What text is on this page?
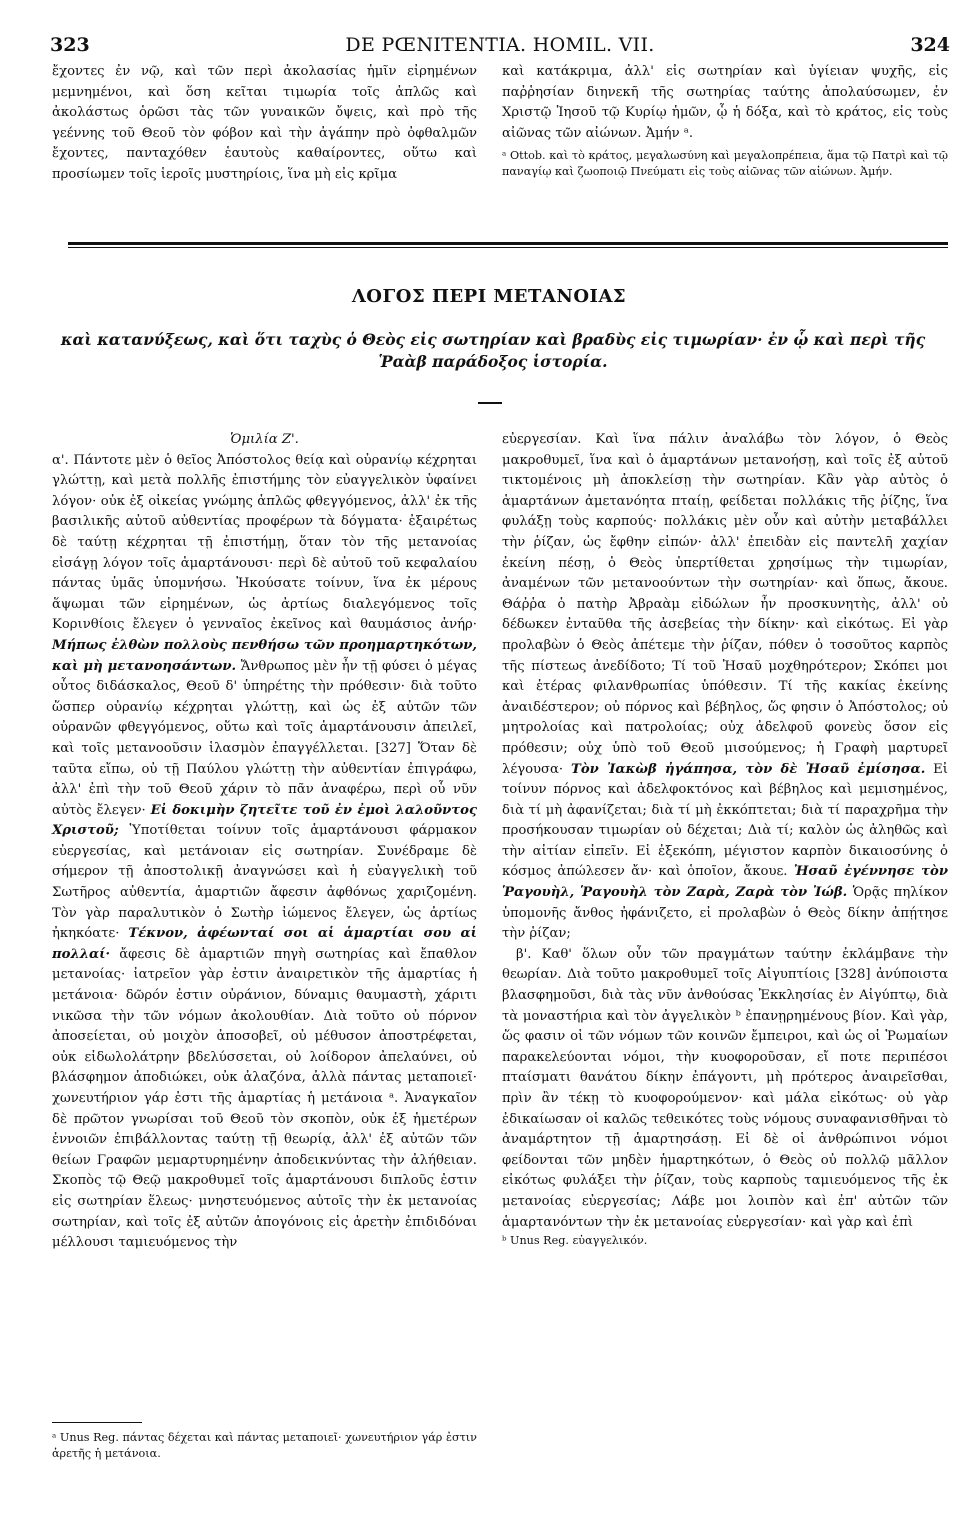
323	DE PŒNITENTIA. HOMIL. VII.	324

ἔχοντες ἐν νῷ, καὶ τῶν περὶ ἀκολασίας ἡμῖν εἰρημένων μεμνημένοι, καὶ ὅση κεῖται τιμωρία τοῖς ἁπλῶς καὶ ἀκολάστως ὁρῶσι τὰς τῶν γυναικῶν ὄψεις, καὶ πρὸ τῆς γεέννης τοῦ Θεοῦ τὸν φόβον καὶ τὴν ἀγάπην πρὸ ὀφθαλμῶν ἔχοντες, πανταχόθεν ἑαυτοὺς καθαίροντες, οὕτω καὶ προσίωμεν τοῖς ἱεροῖς μυστηρίοις, ἵνα μὴ εἰς κρῖμα

καὶ κατάκριμα, ἀλλ' εἰς σωτηρίαν καὶ ὑγίειαν ψυχῆς, εἰς παῤῥησίαν διηνεκῆ τῆς σωτηρίας ταύτης ἀπολαύσωμεν, ἐν Χριστῷ Ἰησοῦ τῷ Κυρίῳ ἡμῶν, ᾧ ἡ δόξα, καὶ τὸ κράτος, εἰς τοὺς αἰῶνας τῶν αἰώνων. Ἀμήν ᵃ.

ᵃ Ottob. καὶ τὸ κράτος, μεγαλωσύνη καὶ μεγαλοπρέπεια, ἅμα τῷ Πατρὶ καὶ τῷ παναγίῳ καὶ ζωοποιῷ Πνεύματι εἰς τοὺς αἰῶνας τῶν αἰώνων. Ἀμήν.

ΛΟΓΟΣ ΠΕΡΙ ΜΕΤΑΝΟΙΑΣ
καὶ κατανύξεως, καὶ ὅτι ταχὺς ὁ Θεὸς εἰς σωτηρίαν καὶ βραδὺς εἰς τιμωρίαν· ἐν ᾧ καὶ περὶ τῆς Ῥαὰβ παράδοξος ἱστορία.

Ὁμιλία Ζ'.

α'. Πάντοτε μὲν ὁ θεῖος Ἀπόστολος θείᾳ καὶ οὐρανίῳ κέχρηται γλώττῃ, καὶ μετὰ πολλῆς ἐπιστήμης τὸν εὐαγγελικὸν ὑφαίνει λόγον· οὐκ ἐξ οἰκείας γνώμης ἁπλῶς φθεγγόμενος, ἀλλ' ἐκ τῆς βασιλικῆς αὐτοῦ αὐθεντίας προφέρων τὰ δόγματα· ἐξαιρέτως δὲ ταύτῃ κέχρηται τῇ ἐπιστήμῃ, ὅταν τὸν τῆς μετανοίας εἰσάγῃ λόγον τοῖς ἁμαρτάνουσι· περὶ δὲ αὐτοῦ τοῦ κεφαλαίου πάντας ὑμᾶς ὑπομνήσω. Ἠκούσατε τοίνυν, ἵνα ἐκ μέρους ἅψωμαι τῶν εἰρημένων, ὡς ἀρτίως διαλεγόμενος τοῖς Κορινθίοις ἔλεγεν ὁ γενναῖος ἐκεῖνος καὶ θαυμάσιος ἀνήρ· Μήπως ἐλθὼν πολλοὺς πενθήσω τῶν προημαρτηκότων, καὶ μὴ μετανοησάντων. Ἄνθρωπος μὲν ἦν τῇ φύσει ὁ μέγας οὗτος διδάσκαλος, Θεοῦ δ' ὑπηρέτης τὴν πρόθεσιν· διὰ τοῦτο ὥσπερ οὐρανίῳ κέχρηται γλώττῃ, καὶ ὡς ἐξ αὐτῶν τῶν οὐρανῶν φθεγγόμενος, οὕτω καὶ τοῖς ἁμαρτάνουσιν ἀπειλεῖ, καὶ τοῖς μετανοοῦσιν ἱλασμὸν ἐπαγγέλλεται. [327] Ὅταν δὲ ταῦτα εἴπω, οὐ τῇ Παύλου γλώττῃ τὴν αὐθεντίαν ἐπιγράφω, ἀλλ' ἐπὶ τὴν τοῦ Θεοῦ χάριν τὸ πᾶν ἀναφέρω, περὶ οὗ νῦν αὐτὸς ἔλεγεν· Εἰ δοκιμὴν ζητεῖτε τοῦ ἐν ἐμοὶ λαλοῦντος Χριστοῦ; Ὑποτίθεται τοίνυν τοῖς ἁμαρτάνουσι φάρμακον εὐεργεσίας, καὶ μετάνοιαν εἰς σωτηρίαν. Συνέδραμε δὲ σήμερον τῇ ἀποστολικῇ ἀναγνώσει καὶ ἡ εὐαγγελικὴ τοῦ Σωτῆρος αὐθεντία, ἁμαρτιῶν ἄφεσιν ἀφθόνως χαριζομένη. Τὸν γὰρ παραλυτικὸν ὁ Σωτὴρ ἰώμενος ἔλεγεν, ὡς ἀρτίως ἠκηκόατε· Τέκνον, ἀφέωνταί σοι αἱ ἁμαρτίαι σου αἱ πολλαί· ἄφεσις δὲ ἁμαρτιῶν πηγὴ σωτηρίας καὶ ἔπαθλον μετανοίας· ἰατρεῖον γὰρ ἐστιν ἀναιρετικὸν τῆς ἁμαρτίας ἡ μετάνοια· δῶρόν ἐστιν οὐράνιον, δύναμις θαυμαστὴ, χάριτι νικῶσα τὴν τῶν νόμων ἀκολουθίαν. Διὰ τοῦτο οὐ πόρνον ἀποσείεται, οὐ μοιχὸν ἀποσοβεῖ, οὐ μέθυσον ἀποστρέφεται, οὐκ εἰδωλολάτρην βδελύσσεται, οὐ λοίδορον ἀπελαύνει, οὐ βλάσφημον ἀποδιώκει, οὐκ ἀλαζόνα, ἀλλὰ πάντας μεταποιεῖ· χωνευτήριον γάρ ἐστι τῆς ἁμαρτίας ἡ μετάνοια ᵃ. Ἀναγκαῖον δὲ πρῶτον γνωρίσαι τοῦ Θεοῦ τὸν σκοπὸν, οὐκ ἐξ ἡμετέρων ἐννοιῶν ἐπιβάλλοντας ταύτῃ τῇ θεωρίᾳ, ἀλλ' ἐξ αὐτῶν τῶν θείων Γραφῶν μεμαρτυρημένην ἀποδεικνύντας τὴν ἀλήθειαν. Σκοπὸς τῷ Θεῷ μακροθυμεῖ τοῖς ἁμαρτάνουσι διπλοῦς ἐστιν εἰς σωτηρίαν ἕλεως· μνηστευόμενος αὐτοῖς τὴν ἐκ μετανοίας σωτηρίαν, καὶ τοῖς ἐξ αὐτῶν ἀπογόνοις εἰς ἀρετὴν ἐπιδιδόναι μέλλουσι ταμιευόμενος τὴν

ᵃ Unus Reg. πάντας δέχεται καὶ πάντας μεταποιεῖ· χωνευτήριον γάρ ἐστιν ἀρετῆς ἡ μετάνοια.

εὐεργεσίαν. Καὶ ἵνα πάλιν ἀναλάβω τὸν λόγον, ὁ Θεὸς μακροθυμεῖ, ἵνα καὶ ὁ ἁμαρτάνων μετανοήσῃ, καὶ τοῖς ἐξ αὐτοῦ τικτομένοις μὴ ἀποκλείσῃ τὴν σωτηρίαν. Κἂν γὰρ αὐτὸς ὁ ἁμαρτάνων ἀμετανόητα πταίῃ, φείδεται πολλάκις τῆς ῥίζης, ἵνα φυλάξῃ τοὺς καρπούς· πολλάκις μὲν οὖν καὶ αὐτὴν μεταβάλλει τὴν ῥίζαν, ὡς ἔφθην εἰπών· ἀλλ' ἐπειδὰν εἰς παντελῆ χαχίαν ἐκείνη πέσῃ, ὁ Θεὸς ὑπερτίθεται χρησίμως τὴν τιμωρίαν, ἀναμένων τῶν μετανοούντων τὴν σωτηρίαν· καὶ ὅπως, ἄκουε. Θάῤῥα ὁ πατὴρ Ἀβραὰμ εἰδώλων ἦν προσκυνητὴς, ἀλλ' οὐ δέδωκεν ἐνταῦθα τῆς ἀσεβείας τὴν δίκην· καὶ εἰκότως. Εἰ γὰρ προλαβὼν ὁ Θεὸς ἀπέτεμε τὴν ῥίζαν, πόθεν ὁ τοσοῦτος καρπὸς τῆς πίστεως ἀνεδίδοτο; Τί τοῦ Ἠσαῦ μοχθηρότερον; Σκόπει μοι καὶ ἑτέρας φιλανθρωπίας ὑπόθεσιν. Τί τῆς κακίας ἐκείνης ἀναιδέστερον; οὐ πόρνος καὶ βέβηλος, ὥς φησιν ὁ Ἀπόστολος; οὐ μητρολοίας καὶ πατρολοίας; οὐχ ἀδελφοῦ φονεὺς ὅσον εἰς πρόθεσιν; οὐχ ὑπὸ τοῦ Θεοῦ μισούμενος; ἡ Γραφὴ μαρτυρεῖ λέγουσα· Τὸν Ἰακὼβ ἠγάπησα, τὸν δὲ Ἠσαῦ ἐμίσησα. Εἰ τοίνυν πόρνος καὶ ἀδελφοκτόνος καὶ βέβηλος καὶ μεμισημένος, διὰ τί μὴ ἀφανίζεται; διὰ τί μὴ ἐκκόπτεται; διὰ τί παραχρῆμα τὴν προσήκουσαν τιμωρίαν οὐ δέχεται; Διὰ τί; καλὸν ὡς ἀληθῶς καὶ τὴν αἰτίαν εἰπεῖν. Εἰ ἐξεκόπη, μέγιστον καρπὸν δικαιοσύνης ὁ κόσμος ἀπώλεσεν ἄν· καὶ ὁποῖον, ἄκουε. Ἠσαῦ ἐγέννησε τὸν Ῥαγουὴλ, Ῥαγουὴλ τὸν Ζαρὰ, Ζαρὰ τὸν Ἰώβ. Ὁρᾷς πηλίκον ὑπομονῆς ἄνθος ἠφάνιζετο, εἰ προλαβὼν ὁ Θεὸς δίκην ἀπῄτησε τὴν ῥίζαν;

β'. Καθ' ὅλων οὖν τῶν πραγμάτων ταύτην ἐκλάμβανε τὴν θεωρίαν. Διὰ τοῦτο μακροθυμεῖ τοῖς Αἰγυπτίοις [328] ἀνύποιστα βλασφημοῦσι, διὰ τὰς νῦν ἀνθούσας Ἐκκλησίας ἐν Αἰγύπτῳ, διὰ τὰ μοναστήρια καὶ τὸν ἀγγελικὸν ᵇ ἐπανῃρημένους βίον. Καὶ γὰρ, ὥς φασιν οἱ τῶν νόμων τῶν κοινῶν ἔμπειροι, καὶ ὡς οἱ Ῥωμαίων παρακελεύονται νόμοι, τὴν κυοφοροῦσαν, εἴ ποτε περιπέσοι πταίσματι θανάτου δίκην ἐπάγοντι, μὴ πρότερος ἀναιρεῖσθαι, πρὶν ἂν τέκῃ τὸ κυοφορούμενον· καὶ μάλα εἰκότως· οὐ γὰρ ἐδικαίωσαν οἱ καλῶς τεθεικότες τοὺς νόμους συναφανισθῆναι τὸ ἀναμάρτητον τῇ ἁμαρτησάσῃ. Εἰ δὲ οἱ ἀνθρώπινοι νόμοι φείδονται τῶν μηδὲν ἡμαρτηκότων, ὁ Θεὸς οὐ πολλῷ μᾶλλον εἰκότως φυλάξει τὴν ῥίζαν, τοὺς καρποὺς ταμιευόμενος τῆς ἐκ μετανοίας εὐεργεσίας; Λάβε μοι λοιπὸν καὶ ἐπ' αὐτῶν τῶν ἁμαρτανόντων τὴν ἐκ μετανοίας εὐεργεσίαν· καὶ γὰρ καὶ ἐπὶ

ᵇ Unus Reg. εὐαγγελικόν.
